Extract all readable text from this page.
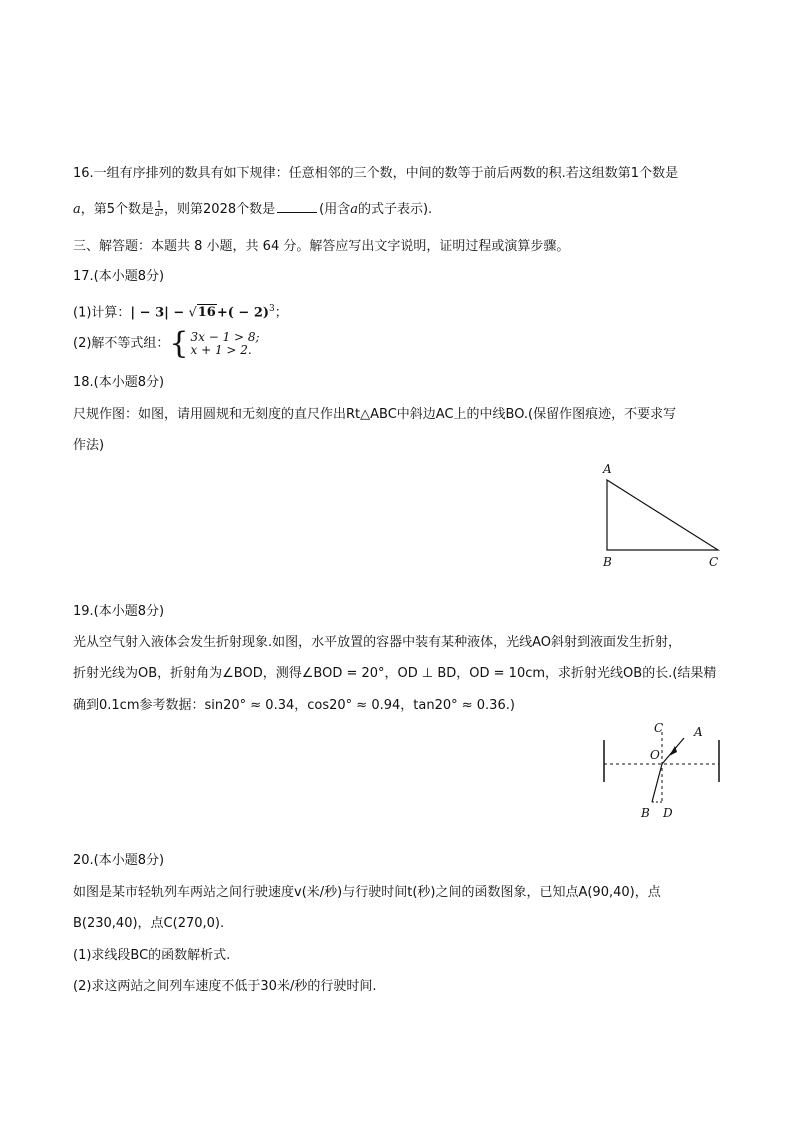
16.一组有序排列的数具有如下规律：任意相邻的三个数，中间的数等于前后两数的积.若这组数第1个数是
a，第5个数是 $\frac{1}{\text{a²}}$ ，则第2028个数是	(用含a的式子表示).
三、解答题：本题共 8 小题，共 64 分。解答应写出文字说明，证明过程或演算步骤。
17.(本小题8分)
(1)计算：| − $3| - √16+( - 2)^3$；
(2)解不等式组： { 3x − 1 > 8;
x + 1 > 2.
18.(本小题8分)
尺规作图：如图，请用圆规和无刻度的直尺作出Rt△ABC中斜边AC上的中线BO.(保留作图痕迹，不要求写
作法)
A
B	C
19.(本小题8分)
光从空气射入液体会发生折射现象.如图，水平放置的容器中装有某种液体，光线AO斜射到液面发生折射，
折射光线为OB，折射角为∠BOD，测得∠BOD = 20°，OD ⊥ BD，OD = 10cm，求折射光线OB的长.(结果精
确到0.1cm参考数据：sin20° ≈ 0.34，cos20° ≈ 0.94，tan20° ≈ 0.36.)
C	A
O
B D
20.(本小题8分)
如图是某市轻轨列车两站之间行驶速度v(米/秒)与行驶时间t(秒)之间的函数图象，已知点A(90,40)，点
B(230,40)，点C(270,0).
(1)求线段BC的函数解析式.
(2)求这两站之间列车速度不低于30米/秒的行驶时间.
